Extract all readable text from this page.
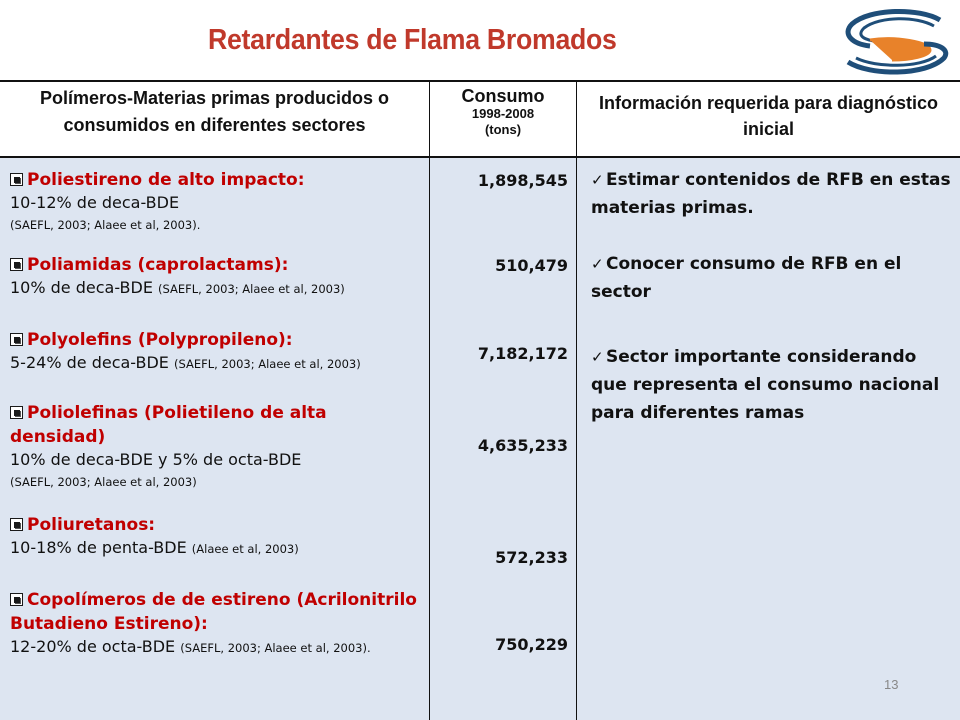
Retardantes de Flama Bromados
Polímeros-Materias primas producidos o consumidos en diferentes sectores
Consumo
1998-2008
(tons)
Información requerida para diagnóstico inicial
Poliestireno de alto impacto:
10-12% de deca-BDE
(SAEFL, 2003; Alaee et al, 2003).
Poliamidas (caprolactams):
10% de deca-BDE (SAEFL, 2003; Alaee et al, 2003)
Polyolefins (Polypropileno):
5-24% de deca-BDE (SAEFL, 2003; Alaee et al, 2003)
Poliolefinas (Polietileno de alta densidad)
10% de deca-BDE y 5% de octa-BDE
(SAEFL, 2003; Alaee et al, 2003)
Poliuretanos:
10-18% de penta-BDE (Alaee et al, 2003)
Copolímeros de de estireno (Acrilonitrilo Butadieno Estireno):
12-20% de octa-BDE (SAEFL, 2003; Alaee et al, 2003).
1,898,545
510,479
7,182,172
4,635,233
572,233
750,229
✓ Estimar contenidos de RFB en estas materias primas.
✓ Conocer consumo de RFB en el sector
✓ Sector importante considerando que representa el consumo nacional para diferentes ramas
13
